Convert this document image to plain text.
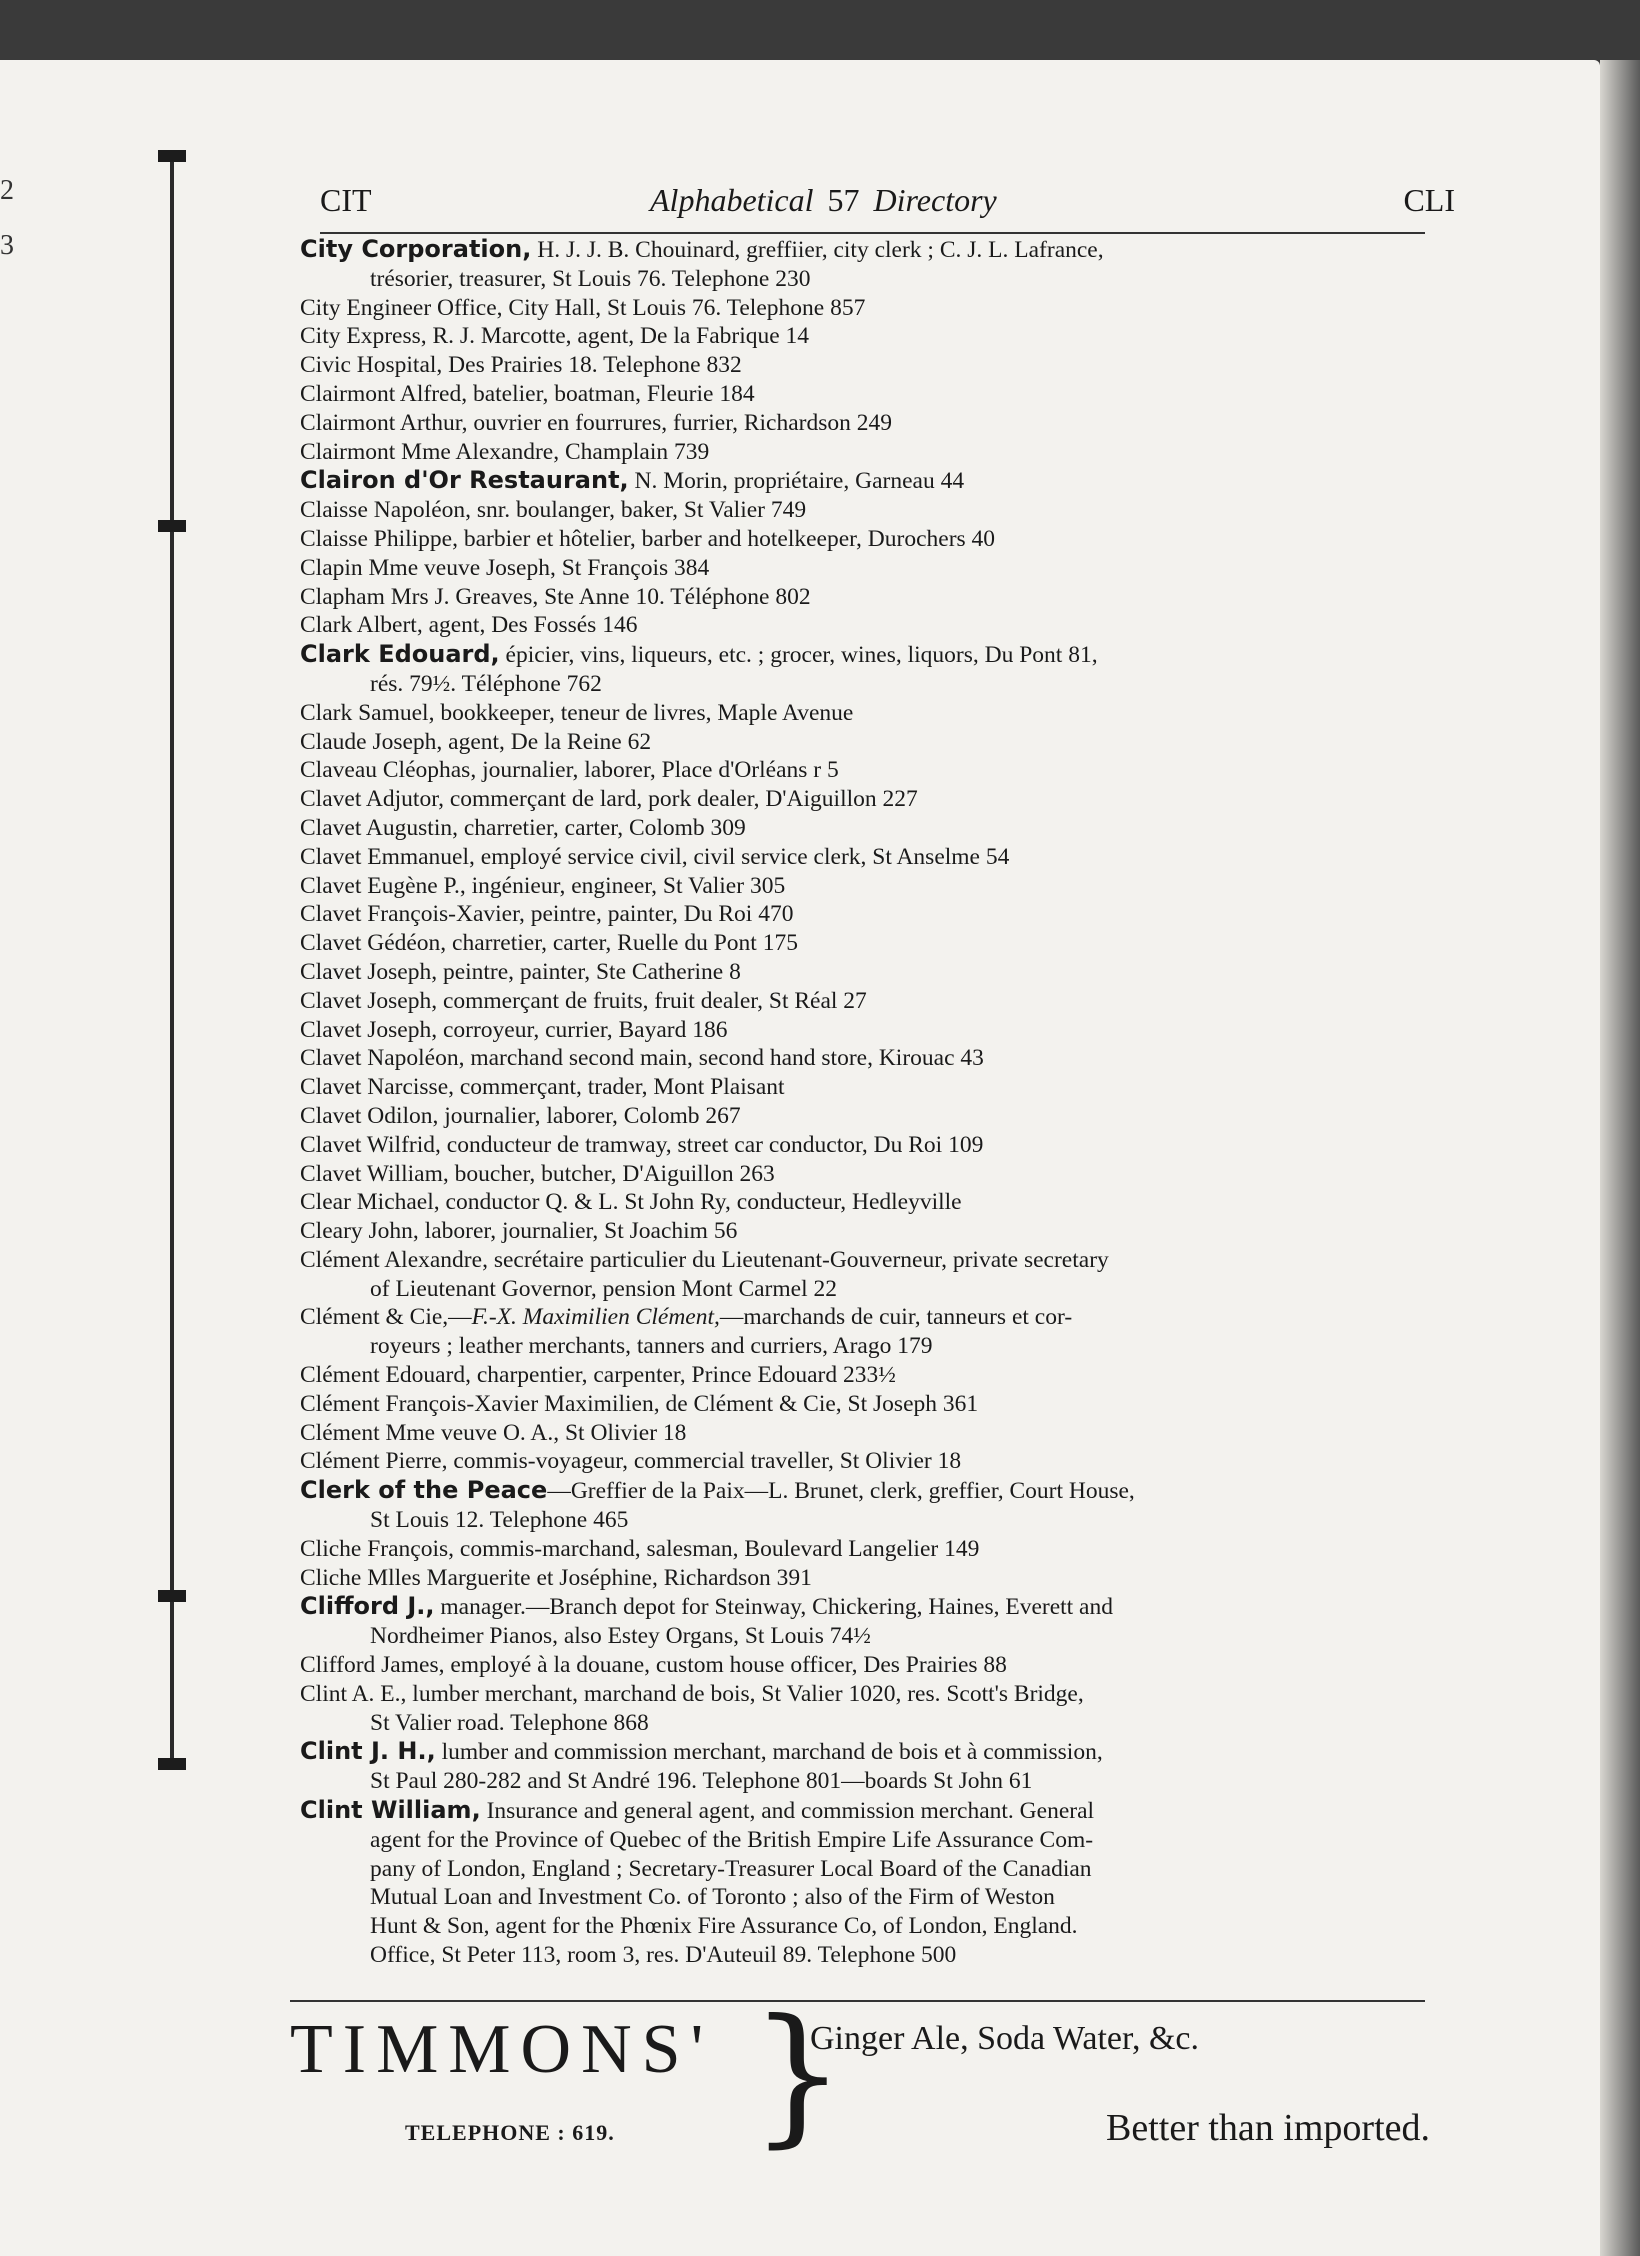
2
3
CIT	Alphabetical 57 Directory	CLI
City Corporation, H. J. J. B. Chouinard, greffiier, city clerk ; C. J. L. Lafrance,
trésorier, treasurer, St Louis 76. Telephone 230
City Engineer Office, City Hall, St Louis 76. Telephone 857
City Express, R. J. Marcotte, agent, De la Fabrique 14
Civic Hospital, Des Prairies 18. Telephone 832
Clairmont Alfred, batelier, boatman, Fleurie 184
Clairmont Arthur, ouvrier en fourrures, furrier, Richardson 249
Clairmont Mme Alexandre, Champlain 739
Clairon d'Or Restaurant, N. Morin, propriétaire, Garneau 44
Claisse Napoléon, snr. boulanger, baker, St Valier 749
Claisse Philippe, barbier et hôtelier, barber and hotelkeeper, Durochers 40
Clapin Mme veuve Joseph, St François 384
Clapham Mrs J. Greaves, Ste Anne 10. Téléphone 802
Clark Albert, agent, Des Fossés 146
Clark Edouard, épicier, vins, liqueurs, etc. ; grocer, wines, liquors, Du Pont 81,
rés. 79½. Téléphone 762
Clark Samuel, bookkeeper, teneur de livres, Maple Avenue
Claude Joseph, agent, De la Reine 62
Claveau Cléophas, journalier, laborer, Place d'Orléans r 5
Clavet Adjutor, commerçant de lard, pork dealer, D'Aiguillon 227
Clavet Augustin, charretier, carter, Colomb 309
Clavet Emmanuel, employé service civil, civil service clerk, St Anselme 54
Clavet Eugène P., ingénieur, engineer, St Valier 305
Clavet François-Xavier, peintre, painter, Du Roi 470
Clavet Gédéon, charretier, carter, Ruelle du Pont 175
Clavet Joseph, peintre, painter, Ste Catherine 8
Clavet Joseph, commerçant de fruits, fruit dealer, St Réal 27
Clavet Joseph, corroyeur, currier, Bayard 186
Clavet Napoléon, marchand second main, second hand store, Kirouac 43
Clavet Narcisse, commerçant, trader, Mont Plaisant
Clavet Odilon, journalier, laborer, Colomb 267
Clavet Wilfrid, conducteur de tramway, street car conductor, Du Roi 109
Clavet William, boucher, butcher, D'Aiguillon 263
Clear Michael, conductor Q. & L. St John Ry, conducteur, Hedleyville
Cleary John, laborer, journalier, St Joachim 56
Clément Alexandre, secrétaire particulier du Lieutenant-Gouverneur, private secretary
of Lieutenant Governor, pension Mont Carmel 22
Clément & Cie,—F.-X. Maximilien Clément,—marchands de cuir, tanneurs et cor-
royeurs ; leather merchants, tanners and curriers, Arago 179
Clément Edouard, charpentier, carpenter, Prince Edouard 233½
Clément François-Xavier Maximilien, de Clément & Cie, St Joseph 361
Clément Mme veuve O. A., St Olivier 18
Clément Pierre, commis-voyageur, commercial traveller, St Olivier 18
Clerk of the Peace—Greffier de la Paix—L. Brunet, clerk, greffier, Court House,
St Louis 12. Telephone 465
Cliche François, commis-marchand, salesman, Boulevard Langelier 149
Cliche Mlles Marguerite et Joséphine, Richardson 391
Clifford J., manager.—Branch depot for Steinway, Chickering, Haines, Everett and
Nordheimer Pianos, also Estey Organs, St Louis 74½
Clifford James, employé à la douane, custom house officer, Des Prairies 88
Clint A. E., lumber merchant, marchand de bois, St Valier 1020, res. Scott's Bridge,
St Valier road. Telephone 868
Clint J. H., lumber and commission merchant, marchand de bois et à commission,
St Paul 280-282 and St André 196. Telephone 801—boards St John 61
Clint William, Insurance and general agent, and commission merchant. General
agent for the Province of Quebec of the British Empire Life Assurance Com-
pany of London, England ; Secretary-Treasurer Local Board of the Canadian
Mutual Loan and Investment Co. of Toronto ; also of the Firm of Weston
Hunt & Son, agent for the Phœnix Fire Assurance Co, of London, England.
Office, St Peter 113, room 3, res. D'Auteuil 89. Telephone 500
TIMMONS' }
Ginger Ale, Soda Water, &c.
TELEPHONE : 619.	Better than imported.
